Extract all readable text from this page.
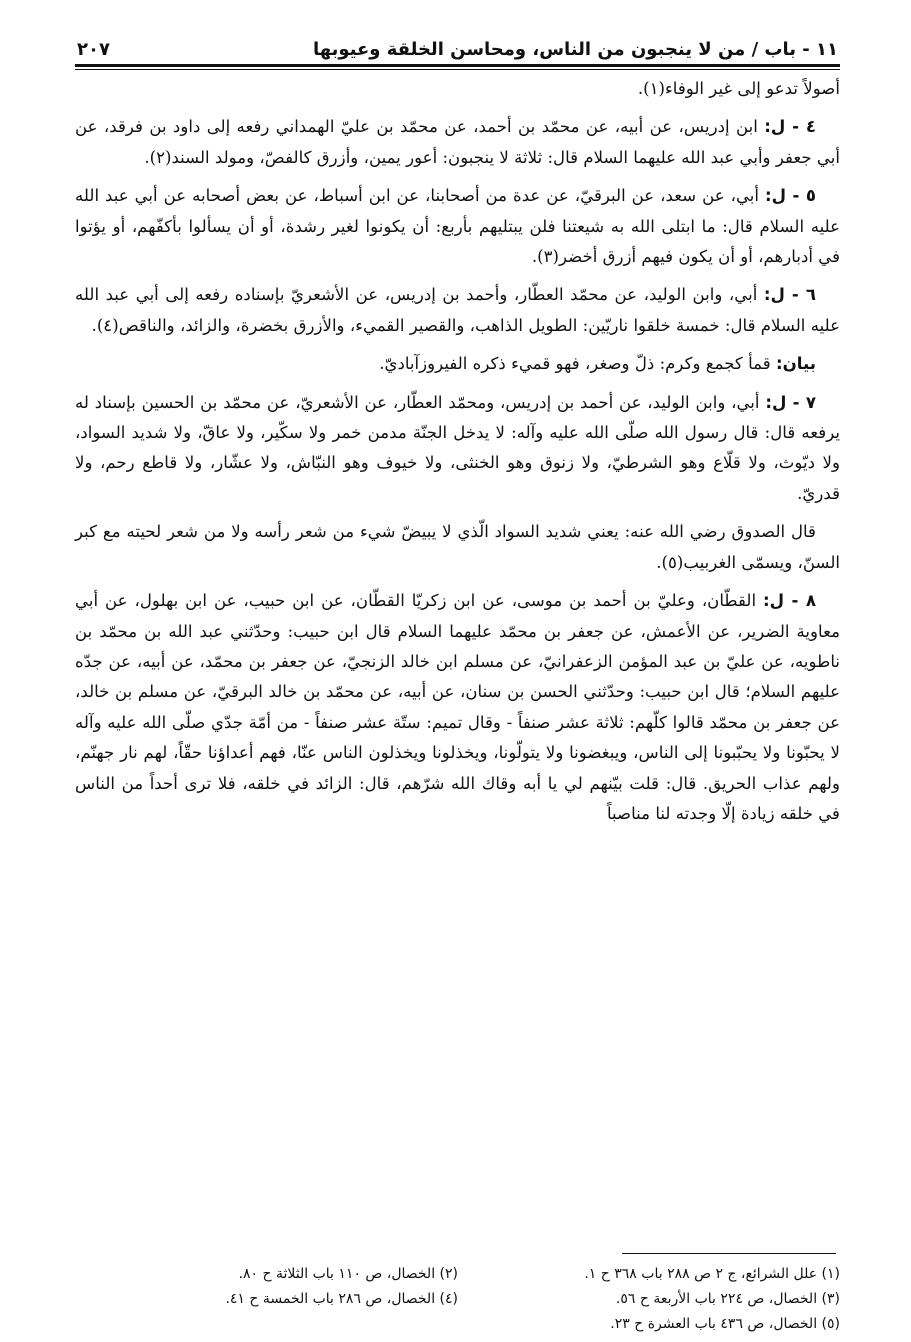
١١ - باب / من لا ينجبون من الناس، ومحاسن الخلقة وعيوبها
٢٠٧

أصولاً تدعو إلى غير الوفاء(١).

٤ - ل: ابن إدريس، عن أبيه، عن محمّد بن أحمد، عن محمّد بن عليّ الهمداني رفعه إلى داود بن فرقد، عن أبي جعفر وأبي عبد الله عليهما السلام قال: ثلاثة لا ينجبون: أعور يمين، وأزرق كالفصّ، ومولد السند(٢).

٥ - ل: أبي، عن سعد، عن البرقيّ، عن عدة من أصحابنا، عن ابن أسباط، عن بعض أصحابه عن أبي عبد الله عليه السلام قال: ما ابتلى الله به شيعتنا فلن يبتليهم بأربع: أن يكونوا لغير رشدة، أو أن يسألوا بأكفّهم، أو يؤتوا في أدبارهم، أو أن يكون فيهم أزرق أخضر(٣).

٦ - ل: أبي، وابن الوليد، عن محمّد العطّار، وأحمد بن إدريس، عن الأشعريّ بإسناده رفعه إلى أبي عبد الله عليه السلام قال: خمسة خلقوا ناريّين: الطويل الذاهب، والقصير القميء، والأزرق بخضرة، والزائد، والناقص(٤).

بيان: قمأ كجمع وكرم: ذلّ وصغر، فهو قميء ذكره الفيروزآباديّ.

٧ - ل: أبي، وابن الوليد، عن أحمد بن إدريس، ومحمّد العطّار، عن الأشعريّ، عن محمّد بن الحسين بإسناد له يرفعه قال: قال رسول الله صلّى الله عليه وآله: لا يدخل الجنّة مدمن خمر ولا سكّير، ولا عاقّ، ولا شديد السواد، ولا ديّوث، ولا قلّاع وهو الشرطيّ، ولا زنوق وهو الخنثى، ولا خيوف وهو النبّاش، ولا عشّار، ولا قاطع رحم، ولا قدريّ.

قال الصدوق رضي الله عنه: يعني شديد السواد الّذي لا يبيضّ شيء من شعر رأسه ولا من شعر لحيته مع كبر السنّ، ويسمّى الغربيب(٥).

٨ - ل: القطّان، وعليّ بن أحمد بن موسى، عن ابن زكريّا القطّان، عن ابن حبيب، عن ابن بهلول، عن أبي معاوية الضرير، عن الأعمش، عن جعفر بن محمّد عليهما السلام قال ابن حبيب: وحدّثني عبد الله بن محمّد بن ناطويه، عن عليّ بن عبد المؤمن الزعفرانيّ، عن مسلم ابن خالد الزنجيّ، عن جعفر بن محمّد، عن أبيه، عن جدّه عليهم السلام؛ قال ابن حبيب: وحدّثني الحسن بن سنان، عن أبيه، عن محمّد بن خالد البرقيّ، عن مسلم بن خالد، عن جعفر بن محمّد قالوا كلّهم: ثلاثة عشر صنفاً - وقال تميم: ستّة عشر صنفاً - من أمّة جدّي صلّى الله عليه وآله لا يحبّونا ولا يحبّبونا إلى الناس، ويبغضونا ولا يتولّونا، ويخذلونا ويخذلون الناس عنّا، فهم أعداؤنا حقّاً، لهم نار جهنّم، ولهم عذاب الحريق. قال: قلت بيّنهم لي يا أبه وقاك الله شرّهم، قال: الزائد في خلقه، فلا ترى أحداً من الناس في خلقه زيادة إلّا وجدته لنا مناصباً

(١) علل الشرائع، ج ٢ ص ٢٨٨ باب ٣٦٨ ح ١.
(٢) الخصال، ص ١١٠ باب الثلاثة ح ٨٠.
(٣) الخصال، ص ٢٢٤ باب الأربعة ح ٥٦.
(٤) الخصال، ص ٢٨٦ باب الخمسة ح ٤١.
(٥) الخصال، ص ٤٣٦ باب العشرة ح ٢٣.
